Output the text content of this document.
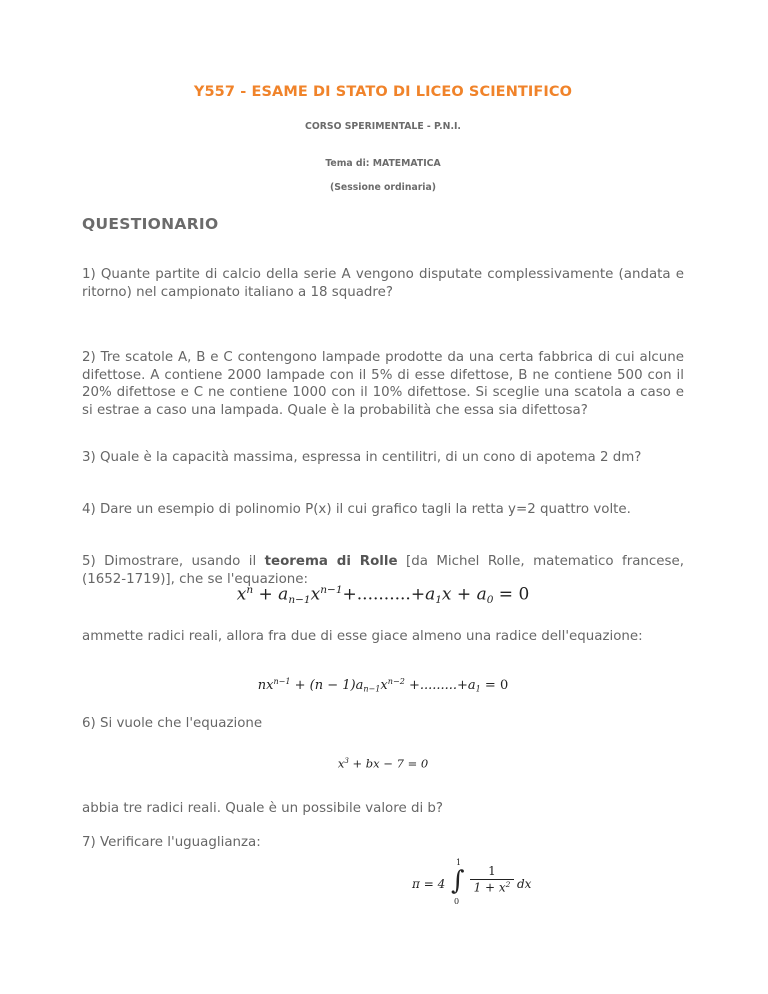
Y557 - ESAME DI STATO DI LICEO SCIENTIFICO
CORSO SPERIMENTALE - P.N.I.
Tema di: MATEMATICA
(Sessione ordinaria)
QUESTIONARIO
1) Quante partite di calcio della serie A vengono disputate complessivamente (andata e ritorno) nel campionato italiano a 18 squadre?
2) Tre scatole A, B e C contengono lampade prodotte da una certa fabbrica di cui alcune difettose. A contiene 2000 lampade con il 5% di esse difettose, B ne contiene 500 con il 20% difettose e C ne contiene 1000 con il 10% difettose. Si sceglie una scatola a caso e si estrae a caso una lampada. Quale è la probabilità che essa sia difettosa?
3) Quale è la capacità massima, espressa in centilitri, di un cono di apotema 2 dm?
4) Dare un esempio di polinomio P(x) il cui grafico tagli la retta y=2 quattro volte.
5) Dimostrare, usando il teorema di Rolle [da Michel Rolle, matematico francese, (1652-1719)], che se l'equazione:
$x^n + a_{n-1}x^{n-1}+..........+a_1x + a_0 = 0$
ammette radici reali, allora fra due di esse giace almeno una radice dell'equazione:
$nx^{n-1} + (n - 1)a_{n-1}x^{n-2} +.........+a_1 = 0$
6) Si vuole che l'equazione
$x^3$ + bx − 7 = 0
abbia tre radici reali. Quale è un possibile valore di b?
7) Verificare l'uguaglianza:
π = 4 ∫
1
0
$\frac{1}{1 + x^2}$ dx
